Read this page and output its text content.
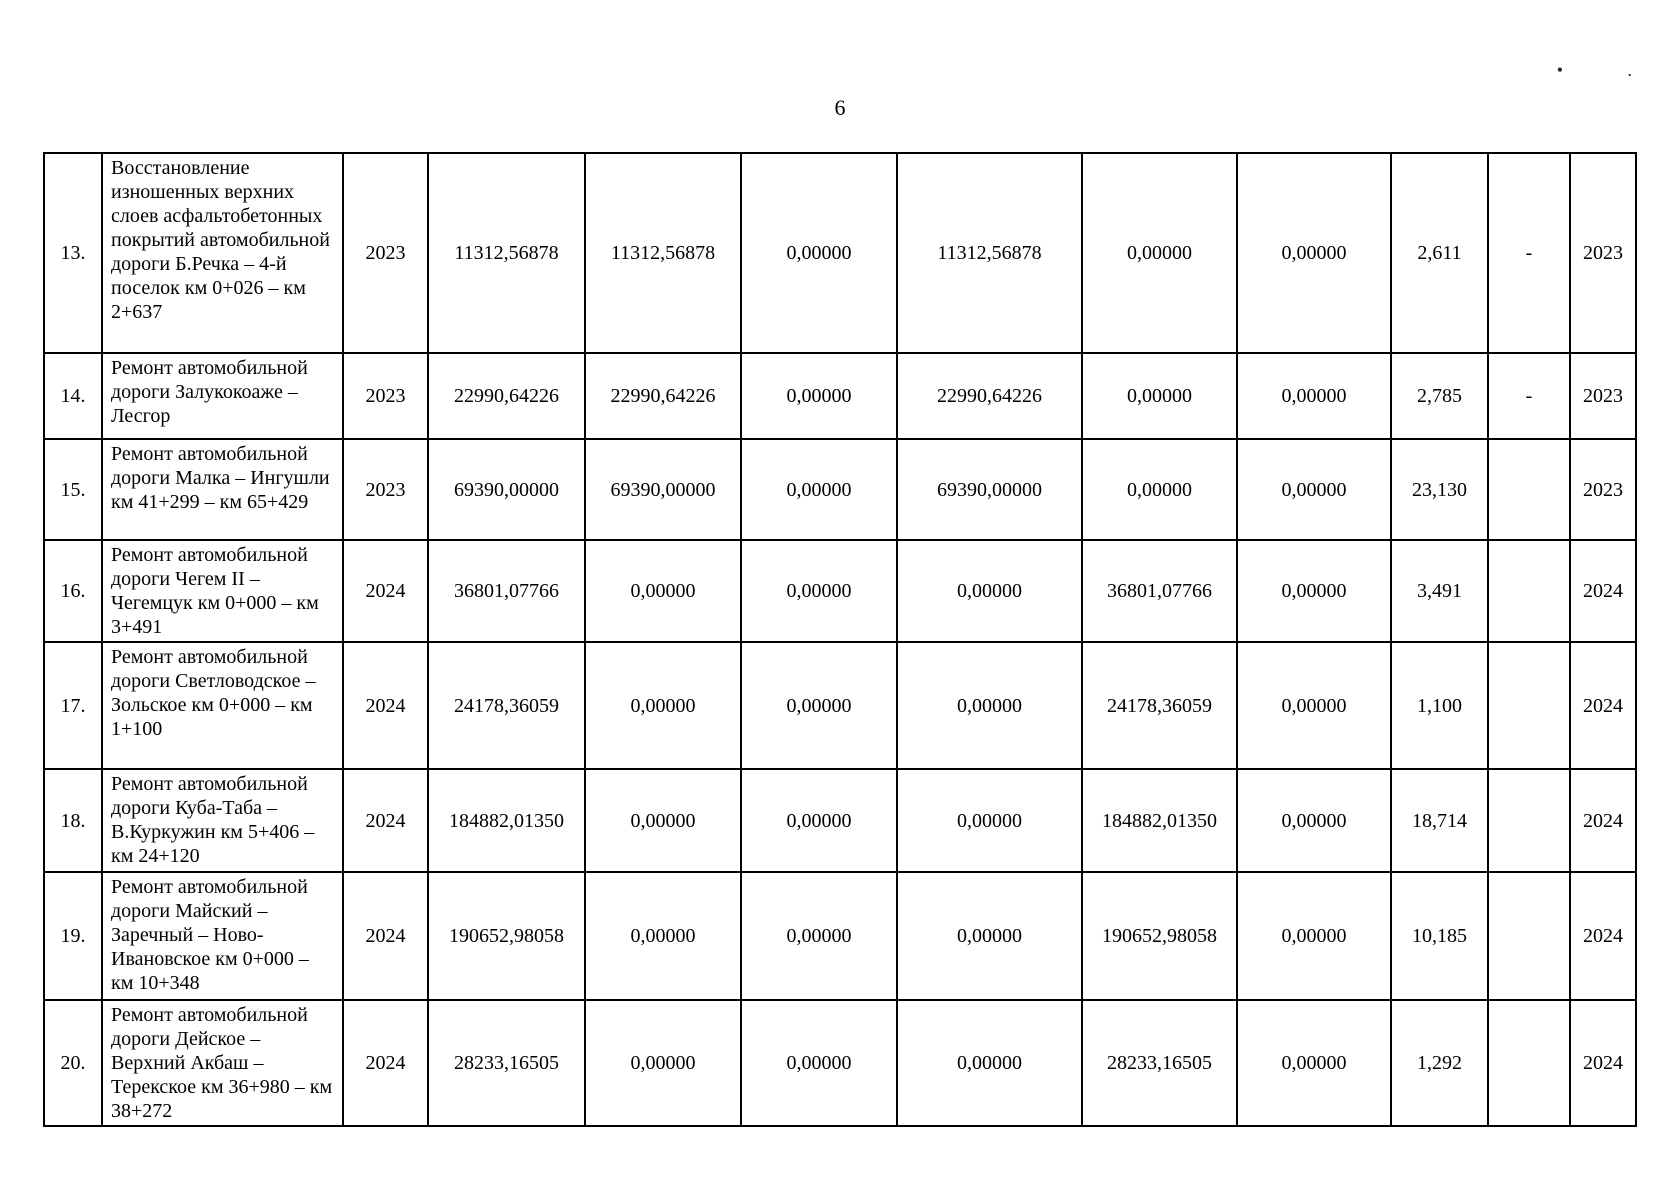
6
• .
13.	Восстановление изношенных верхних слоев асфальтобетонных покрытий автомобильной дороги Б.Речка – 4-й поселок км 0+026 – км 2+637	2023	11312,56878	11312,56878	0,00000	11312,56878	0,00000	0,00000	2,611	-	2023
14.	Ремонт автомобильной дороги Залукокоаже – Лесгор	2023	22990,64226	22990,64226	0,00000	22990,64226	0,00000	0,00000	2,785	-	2023
15.	Ремонт автомобильной дороги Малка – Ингушли км 41+299 – км 65+429	2023	69390,00000	69390,00000	0,00000	69390,00000	0,00000	0,00000	23,130		2023
16.	Ремонт автомобильной дороги Чегем II – Чегемцук км 0+000 – км 3+491	2024	36801,07766	0,00000	0,00000	0,00000	36801,07766	0,00000	3,491		2024
17.	Ремонт автомобильной дороги Светловодское – Зольское км 0+000 – км 1+100	2024	24178,36059	0,00000	0,00000	0,00000	24178,36059	0,00000	1,100		2024
18.	Ремонт автомобильной дороги Куба-Таба – В.Куркужин км 5+406 – км 24+120	2024	184882,01350	0,00000	0,00000	0,00000	184882,01350	0,00000	18,714		2024
19.	Ремонт автомобильной дороги Майский – Заречный – Ново-Ивановское км 0+000 – км 10+348	2024	190652,98058	0,00000	0,00000	0,00000	190652,98058	0,00000	10,185		2024
20.	Ремонт автомобильной дороги Дейское – Верхний Акбаш – Терекское км 36+980 – км 38+272	2024	28233,16505	0,00000	0,00000	0,00000	28233,16505	0,00000	1,292		2024
